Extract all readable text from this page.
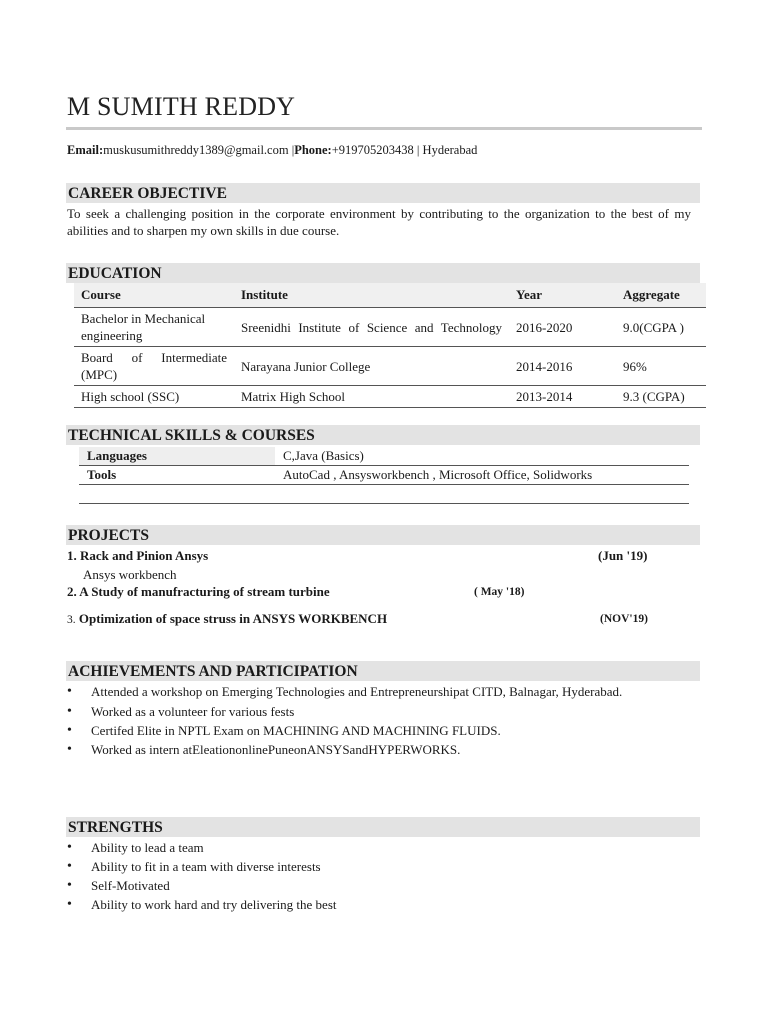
M SUMITH REDDY
Email:muskusumithreddy1389@gmail.com |Phone:+919705203438 | Hyderabad
CAREER OBJECTIVE
To seek a challenging position in the corporate environment by contributing to the organization to the best of my abilities and to sharpen my own skills in due course.
EDUCATION
Course	Institute	Year	Aggregate
Bachelor in Mechanical engineering	Sreenidhi Institute of Science and Technology	2016-2020	9.0(CGPA )
Board of Intermediate (MPC)	Narayana Junior College	2014-2016	96%
High school (SSC)	Matrix High School	2013-2014	9.3 (CGPA)
TECHNICAL SKILLS & COURSES
Languages	C,Java (Basics)
Tools	AutoCad , Ansysworkbench , Microsoft Office, Solidworks

PROJECTS
1. Rack and Pinion Ansys	(Jun '19)
Ansys workbench
2. A Study of manufracturing of stream turbine	( May '18)
3. Optimization of space struss in ANSYS WORKBENCH	(NOV'19)
ACHIEVEMENTS AND PARTICIPATION
• Attended a workshop on Emerging Technologies and Entrepreneurshipat CITD, Balnagar, Hyderabad.
• Worked as a volunteer for various fests
• Certifed Elite in NPTL Exam on MACHINING AND MACHINING FLUIDS.
• Worked as intern atEleationonlinePuneonANSYSandHYPERWORKS.
STRENGTHS
• Ability to lead a team
• Ability to fit in a team with diverse interests
• Self-Motivated
• Ability to work hard and try delivering the best
